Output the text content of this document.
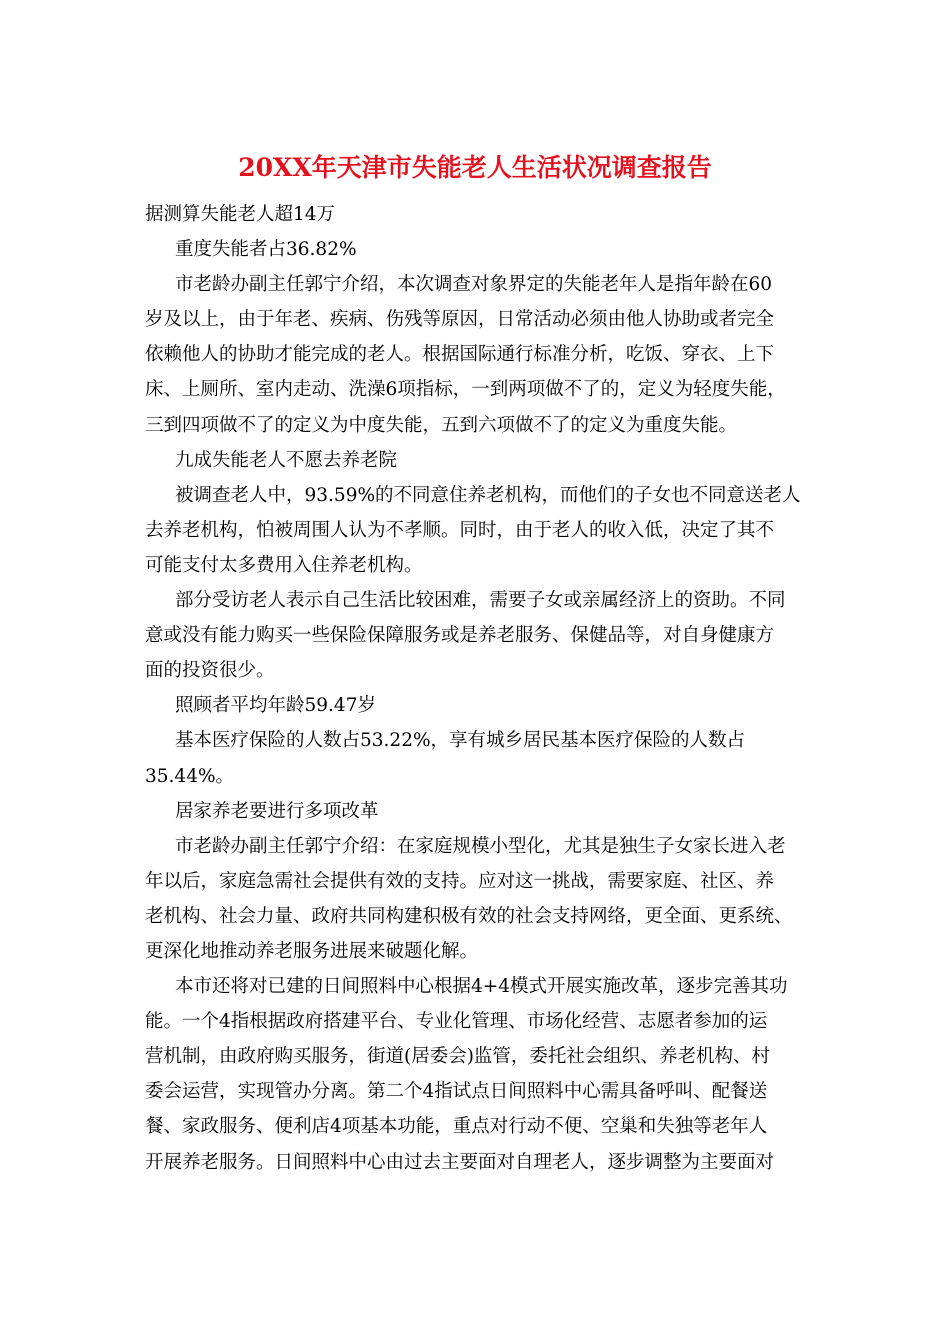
20XX年天津市失能老人生活状况调查报告

据测算失能老人超14万

重度失能者占36.82%

市老龄办副主任郭宁介绍，本次调查对象界定的失能老年人是指年龄在60

岁及以上，由于年老、疾病、伤残等原因，日常活动必须由他人协助或者完全

依赖他人的协助才能完成的老人。根据国际通行标准分析，吃饭、穿衣、上下

床、上厕所、室内走动、洗澡6项指标，一到两项做不了的，定义为轻度失能，

三到四项做不了的定义为中度失能，五到六项做不了的定义为重度失能。

九成失能老人不愿去养老院

被调查老人中，93.59%的不同意住养老机构，而他们的子女也不同意送老人

去养老机构，怕被周围人认为不孝顺。同时，由于老人的收入低，决定了其不

可能支付太多费用入住养老机构。

部分受访老人表示自己生活比较困难，需要子女或亲属经济上的资助。不同

意或没有能力购买一些保险保障服务或是养老服务、保健品等，对自身健康方

面的投资很少。

照顾者平均年龄59.47岁

基本医疗保险的人数占53.22%，享有城乡居民基本医疗保险的人数占

35.44%。

居家养老要进行多项改革

市老龄办副主任郭宁介绍：在家庭规模小型化，尤其是独生子女家长进入老

年以后，家庭急需社会提供有效的支持。应对这一挑战，需要家庭、社区、养

老机构、社会力量、政府共同构建积极有效的社会支持网络，更全面、更系统、

更深化地推动养老服务进展来破题化解。

本市还将对已建的日间照料中心根据4+4模式开展实施改革，逐步完善其功

能。一个4指根据政府搭建平台、专业化管理、市场化经营、志愿者参加的运

营机制，由政府购买服务，街道(居委会)监管，委托社会组织、养老机构、村

委会运营，实现管办分离。第二个4指试点日间照料中心需具备呼叫、配餐送

餐、家政服务、便利店4项基本功能，重点对行动不便、空巢和失独等老年人

开展养老服务。日间照料中心由过去主要面对自理老人，逐步调整为主要面对
